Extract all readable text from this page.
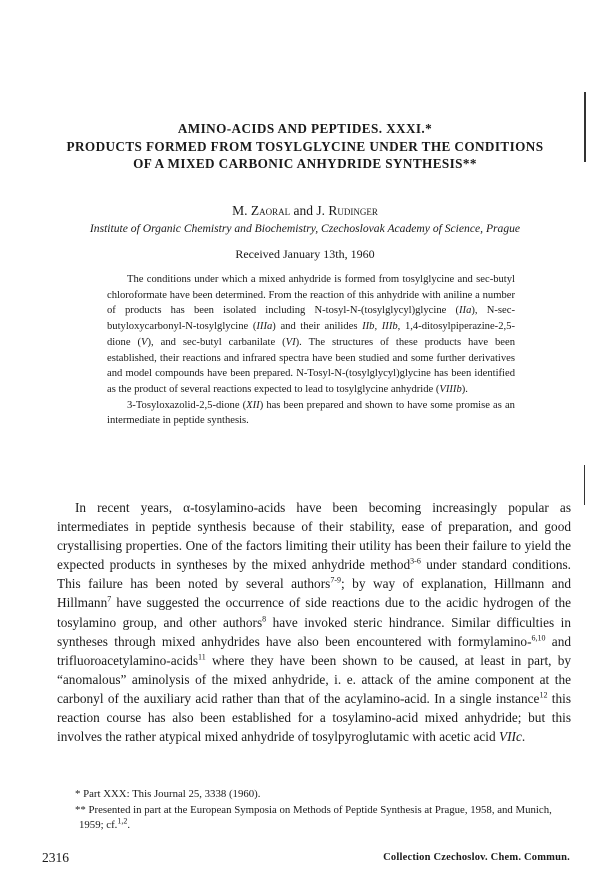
AMINO-ACIDS AND PEPTIDES. XXXI.*

PRODUCTS FORMED FROM TOSYLGLYCINE UNDER THE CONDITIONS

OF A MIXED CARBONIC ANHYDRIDE SYNTHESIS**

M. Zaoral and J. Rudinger
Institute of Organic Chemistry and Biochemistry, Czechoslovak Academy of Science, Prague
Received January 13th, 1960

The conditions under which a mixed anhydride is formed from tosylglycine and sec-butyl chloroformate have been determined. From the reaction of this anhydride with aniline a number of products has been isolated including N-tosyl-N-(tosylglycyl)glycine (IIa), N-sec-butyloxycarbonyl-N-tosylglycine (IIIa) and their anilides IIb, IIIb, 1,4-ditosylpiperazine-2,5-dione (V), and sec-butyl carbanilate (VI). The structures of these products have been established, their reactions and infrared spectra have been studied and some further derivatives and model compounds have been prepared. N-Tosyl-N-(tosylglycyl)glycine has been identified as the product of several reactions expected to lead to tosylglycine anhydride (VIIIb).

3-Tosyloxazolid-2,5-dione (XII) has been prepared and shown to have some promise as an intermediate in peptide synthesis.

In recent years, α-tosylamino-acids have been becoming increasingly popular as intermediates in peptide synthesis because of their stability, ease of preparation, and good crystallising properties. One of the factors limiting their utility has been their failure to yield the expected products in syntheses by the mixed anhydride method$^{3-6}$ under standard conditions. This failure has been noted by several authors$^{7-9}$; by way of explanation, Hillmann and Hillmann$^7$ have suggested the occurrence of side reactions due to the acidic hydrogen of the tosylamino group, and other authors$^8$ have invoked steric hindrance. Similar difficulties in syntheses through mixed anhydrides have also been encountered with formylamino-$^{6,10}$ and trifluoroacetylamino-acids$^{11}$ where they have been shown to be caused, at least in part, by “anomalous” aminolysis of the mixed anhydride, i. e. attack of the amine component at the carbonyl of the auxiliary acid rather than that of the acylamino-acid. In a single instance$^{12}$ this reaction course has also been established for a tosylamino-acid mixed anhydride; but this involves the rather atypical mixed anhydride of tosylpyroglutamic with acetic acid VIIc.

* Part XXX: This Journal 25, 3338 (1960).

** Presented in part at the European Symposia on Methods of Peptide Synthesis at Prague, 1958, and Munich, 1959; cf.$^{1,2}$.

2316	Collection Czechoslov. Chem. Commun.
